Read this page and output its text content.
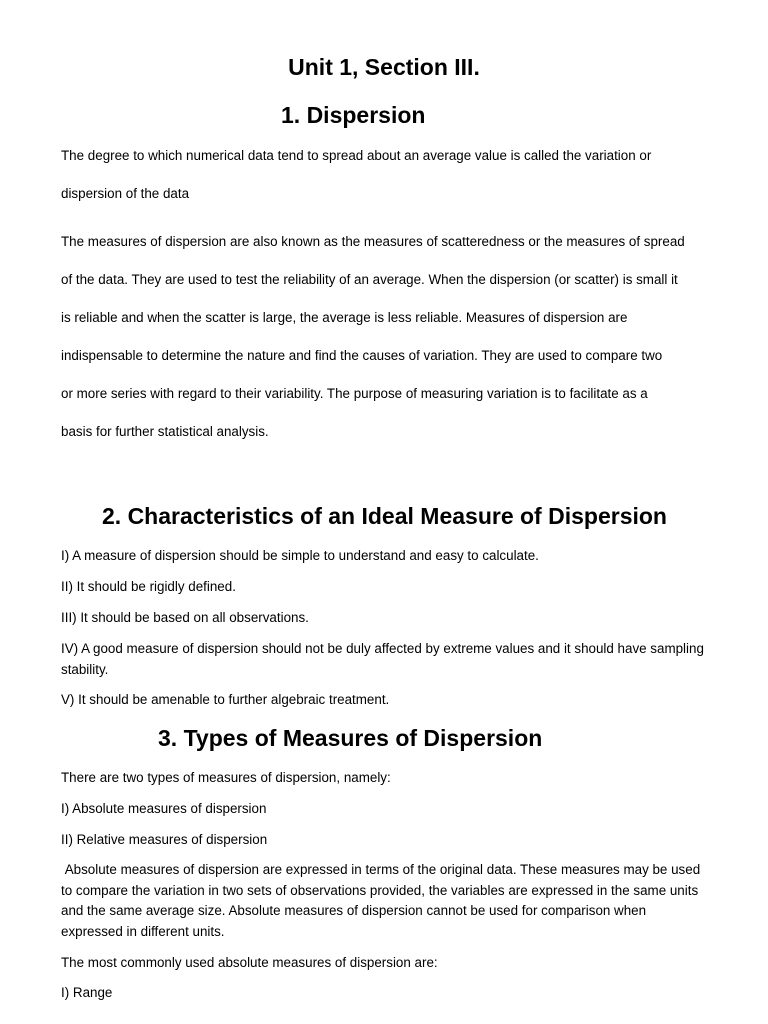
Unit 1, Section III.
1. Dispersion

The degree to which numerical data tend to spread about an average value is called the variation or

dispersion of the data

The measures of dispersion are also known as the measures of scatteredness or the measures of spread

of the data. They are used to test the reliability of an average. When the dispersion (or scatter) is small it

is reliable and when the scatter is large, the average is less reliable. Measures of dispersion are

indispensable to determine the nature and find the causes of variation. They are used to compare two

or more series with regard to their variability. The purpose of measuring variation is to facilitate as a

basis for further statistical analysis.

2. Characteristics of an Ideal Measure of Dispersion

I) A measure of dispersion should be simple to understand and easy to calculate.

II) It should be rigidly defined.

III) It should be based on all observations.

IV) A good measure of dispersion should not be duly affected by extreme values and it should have sampling stability.

V) It should be amenable to further algebraic treatment.

3. Types of Measures of Dispersion

There are two types of measures of dispersion, namely:

I) Absolute measures of dispersion

II) Relative measures of dispersion

Absolute measures of dispersion are expressed in terms of the original data. These measures may be used to compare the variation in two sets of observations provided, the variables are expressed in the same units and the same average size. Absolute measures of dispersion cannot be used for comparison when expressed in different units.

The most commonly used absolute measures of dispersion are:

I) Range
